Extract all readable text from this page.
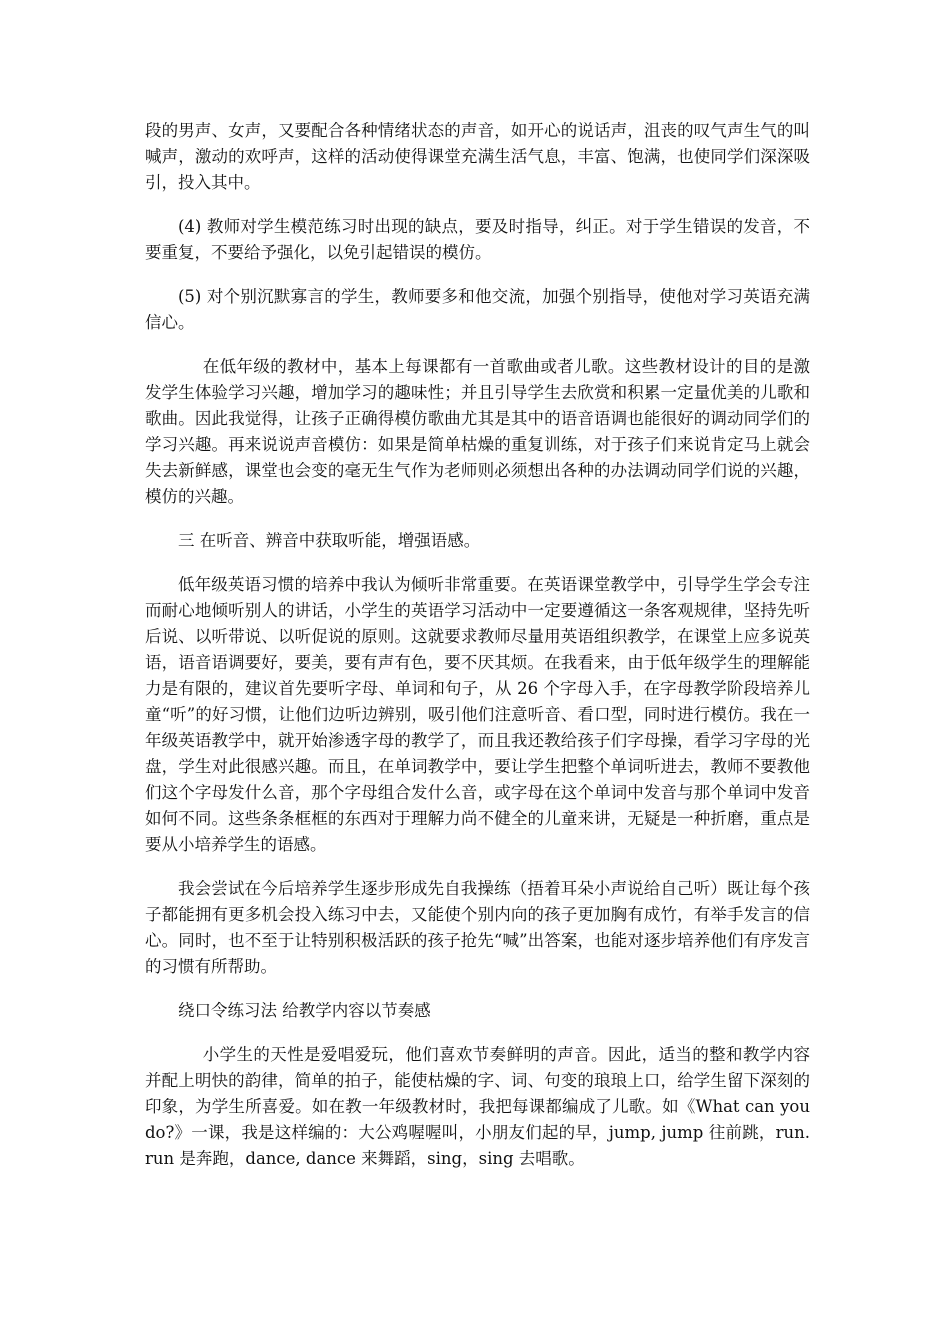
段的男声、女声，又要配合各种情绪状态的声音，如开心的说话声，沮丧的叹气声生气的叫喊声，激动的欢呼声，这样的活动使得课堂充满生活气息，丰富、饱满，也使同学们深深吸引，投入其中。

(4) 教师对学生模范练习时出现的缺点，要及时指导，纠正。对于学生错误的发音，不要重复，不要给予强化，以免引起错误的模仿。

(5) 对个别沉默寡言的学生，教师要多和他交流，加强个别指导，使他对学习英语充满信心。

在低年级的教材中，基本上每课都有一首歌曲或者儿歌。这些教材设计的目的是激发学生体验学习兴趣，增加学习的趣味性；并且引导学生去欣赏和积累一定量优美的儿歌和歌曲。因此我觉得，让孩子正确得模仿歌曲尤其是其中的语音语调也能很好的调动同学们的学习兴趣。再来说说声音模仿：如果是简单枯燥的重复训练，对于孩子们来说肯定马上就会失去新鲜感，课堂也会变的毫无生气作为老师则必须想出各种的办法调动同学们说的兴趣，模仿的兴趣。

三 在听音、辨音中获取听能，增强语感。

低年级英语习惯的培养中我认为倾听非常重要。在英语课堂教学中，引导学生学会专注而耐心地倾听别人的讲话，小学生的英语学习活动中一定要遵循这一条客观规律，坚持先听后说、以听带说、以听促说的原则。这就要求教师尽量用英语组织教学，在课堂上应多说英语，语音语调要好，要美，要有声有色，要不厌其烦。在我看来，由于低年级学生的理解能力是有限的，建议首先要听字母、单词和句子，从 26 个字母入手，在字母教学阶段培养儿童“听”的好习惯，让他们边听边辨别，吸引他们注意听音、看口型，同时进行模仿。我在一年级英语教学中，就开始渗透字母的教学了，而且我还教给孩子们字母操，看学习字母的光盘，学生对此很感兴趣。而且，在单词教学中，要让学生把整个单词听进去，教师不要教他们这个字母发什么音，那个字母组合发什么音，或字母在这个单词中发音与那个单词中发音如何不同。这些条条框框的东西对于理解力尚不健全的儿童来讲，无疑是一种折磨，重点是要从小培养学生的语感。

我会尝试在今后培养学生逐步形成先自我操练（捂着耳朵小声说给自己听）既让每个孩子都能拥有更多机会投入练习中去，又能使个别内向的孩子更加胸有成竹，有举手发言的信心。同时，也不至于让特别积极活跃的孩子抢先“喊”出答案，也能对逐步培养他们有序发言的习惯有所帮助。

绕口令练习法 给教学内容以节奏感

小学生的天性是爱唱爱玩，他们喜欢节奏鲜明的声音。因此，适当的整和教学内容并配上明快的韵律，简单的拍子，能使枯燥的字、词、句变的琅琅上口，给学生留下深刻的印象，为学生所喜爱。如在教一年级教材时，我把每课都编成了儿歌。如《What can you do?》一课，我是这样编的：大公鸡喔喔叫，小朋友们起的早，jump, jump 往前跳，run. run 是奔跑，dance, dance 来舞蹈，sing，sing 去唱歌。
